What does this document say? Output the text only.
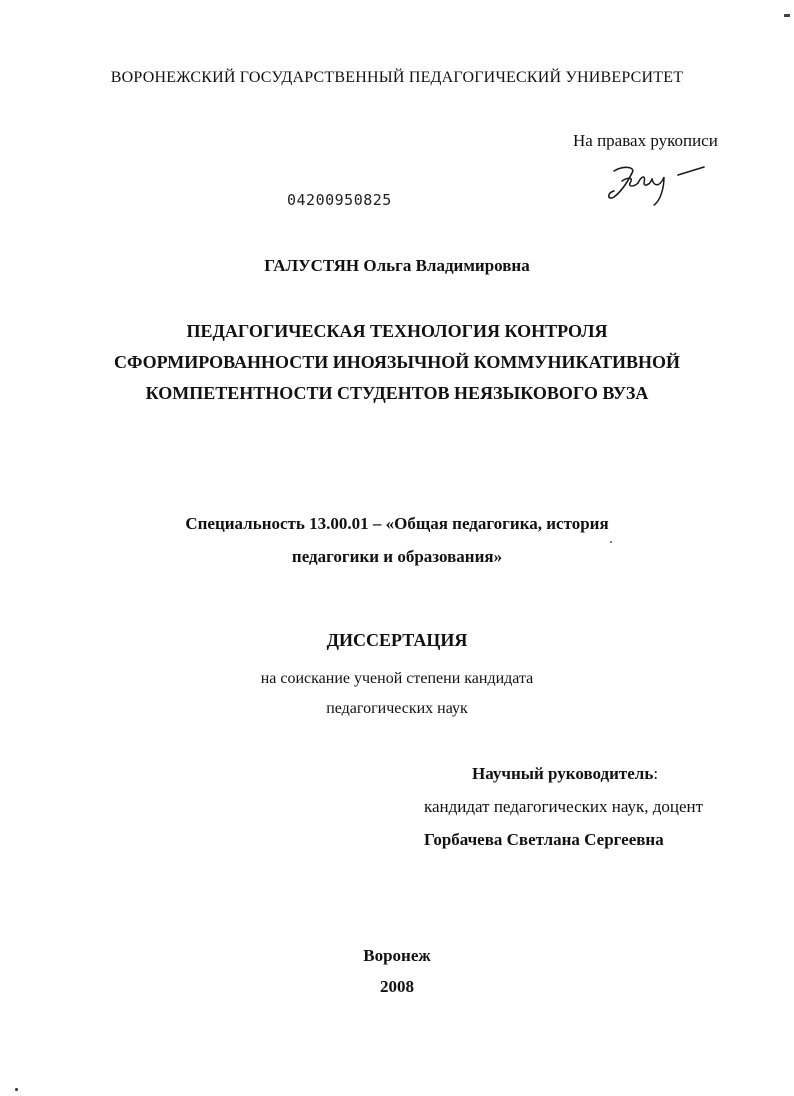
ВОРОНЕЖСКИЙ ГОСУДАРСТВЕННЫЙ ПЕДАГОГИЧЕСКИЙ УНИВЕРСИТЕТ
На правах рукописи
04200950825
ГАЛУСТЯН Ольга Владимировна
ПЕДАГОГИЧЕСКАЯ ТЕХНОЛОГИЯ КОНТРОЛЯ
СФОРМИРОВАННОСТИ ИНОЯЗЫЧНОЙ КОММУНИКАТИВНОЙ
КОМПЕТЕНТНОСТИ СТУДЕНТОВ НЕЯЗЫКОВОГО ВУЗА
Специальность 13.00.01 – «Общая педагогика, история
педагогики и образования»
ДИССЕРТАЦИЯ
на соискание ученой степени кандидата
педагогических наук
Научный руководитель:
кандидат педагогических наук, доцент
Горбачева Светлана Сергеевна
Воронеж
2008
